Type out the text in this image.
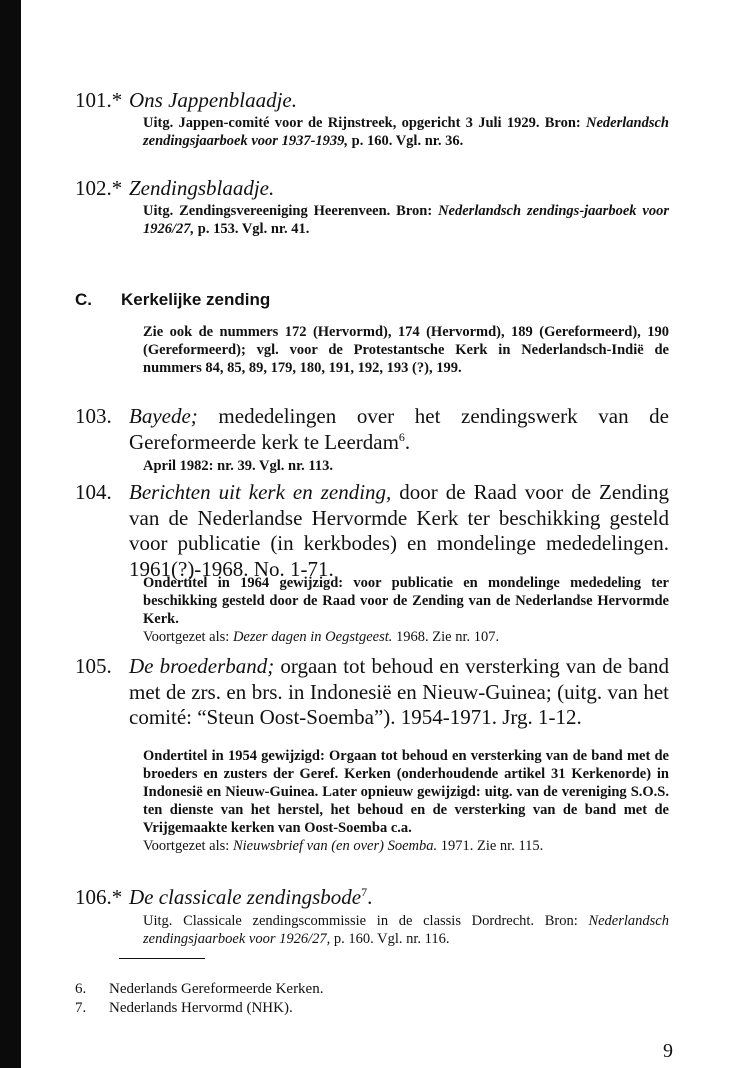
101.* Ons Jappenblaadje.
Uitg. Jappen-comité voor de Rijnstreek, opgericht 3 Juli 1929. Bron: Nederlandsch zendingsjaarboek voor 1937-1939, p. 160. Vgl. nr. 36.
102.* Zendingsblaadje.
Uitg. Zendingsvereeniging Heerenveen. Bron: Nederlandsch zendings-jaarboek voor 1926/27, p. 153. Vgl. nr. 41.
C. Kerkelijke zending
Zie ook de nummers 172 (Hervormd), 174 (Hervormd), 189 (Gereformeerd), 190 (Gereformeerd); vgl. voor de Protestantsche Kerk in Nederlandsch-Indië de nummers 84, 85, 89, 179, 180, 191, 192, 193 (?), 199.
103. Bayede; mededelingen over het zendingswerk van de Gereformeerde kerk te Leerdam$^6$.
April 1982: nr. 39. Vgl. nr. 113.
104. Berichten uit kerk en zending, door de Raad voor de Zending van de Nederlandse Hervormde Kerk ter beschikking gesteld voor publicatie (in kerkbodes) en mondelinge mededelingen. 1961(?)-1968. No. 1-71.
Ondertitel in 1964 gewijzigd: voor publicatie en mondelinge mededeling ter beschikking gesteld door de Raad voor de Zending van de Nederlandse Hervormde Kerk.
Voortgezet als: Dezer dagen in Oegstgeest. 1968. Zie nr. 107.
105. De broederband; orgaan tot behoud en versterking van de band met de zrs. en brs. in Indonesië en Nieuw-Guinea; (uitg. van het comité: “Steun Oost-Soemba”). 1954-1971. Jrg. 1-12.
Ondertitel in 1954 gewijzigd: Orgaan tot behoud en versterking van de band met de broeders en zusters der Geref. Kerken (onderhoudende artikel 31 Kerkenorde) in Indonesië en Nieuw-Guinea. Later opnieuw gewijzigd: uitg. van de vereniging S.O.S. ten dienste van het herstel, het behoud en de versterking van de band met de Vrijgemaakte kerken van Oost-Soemba c.a.
Voortgezet als: Nieuwsbrief van (en over) Soemba. 1971. Zie nr. 115.
106.* De classicale zendingsbode$^7$.
Uitg. Classicale zendingscommissie in de classis Dordrecht. Bron: Nederlandsch zendingsjaarboek voor 1926/27, p. 160. Vgl. nr. 116.
6. Nederlands Gereformeerde Kerken.
7. Nederlands Hervormd (NHK).
9
